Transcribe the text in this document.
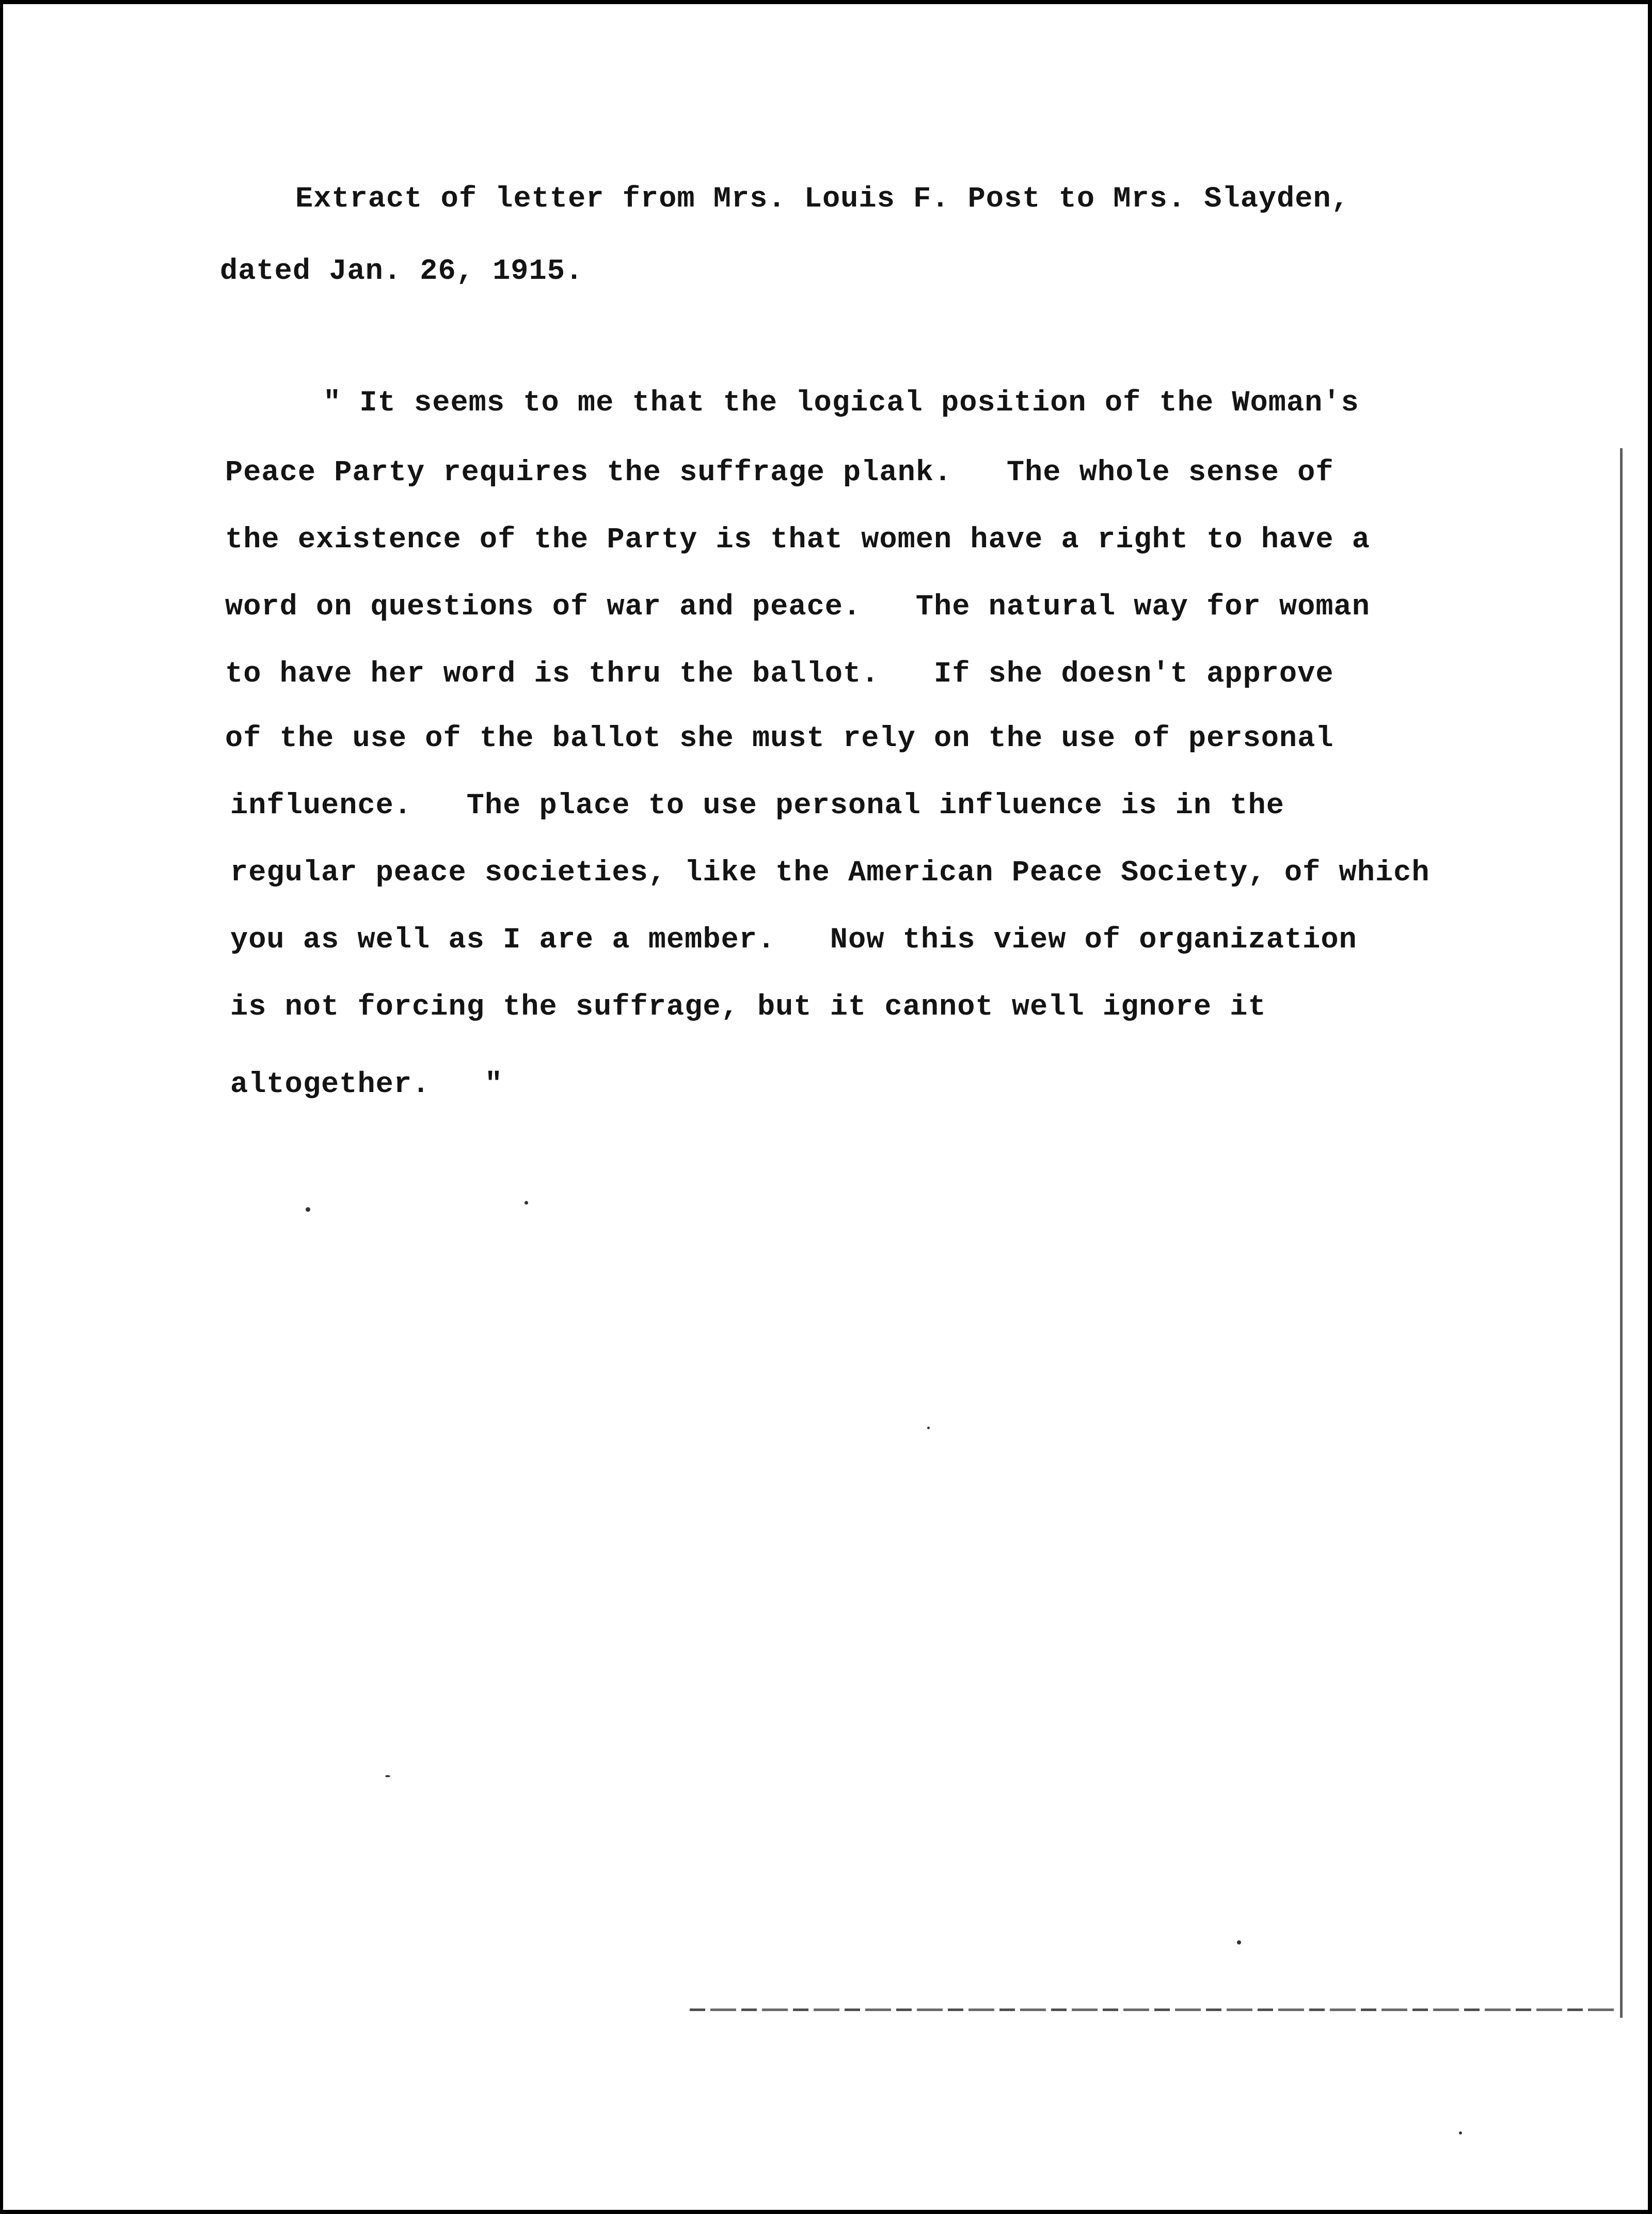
Extract of letter from Mrs. Louis F. Post to Mrs. Slayden,
dated Jan. 26, 1915.
" It seems to me that the logical position of the Woman's
Peace Party requires the suffrage plank.   The whole sense of
the existence of the Party is that women have a right to have a
word on questions of war and peace.   The natural way for woman
to have her word is thru the ballot.   If she doesn't approve
of the use of the ballot she must rely on the use of personal
influence.   The place to use personal influence is in the
regular peace societies, like the American Peace Society, of which
you as well as I are a member.   Now this view of organization
is not forcing the suffrage, but it cannot well ignore it
altogether.   "
